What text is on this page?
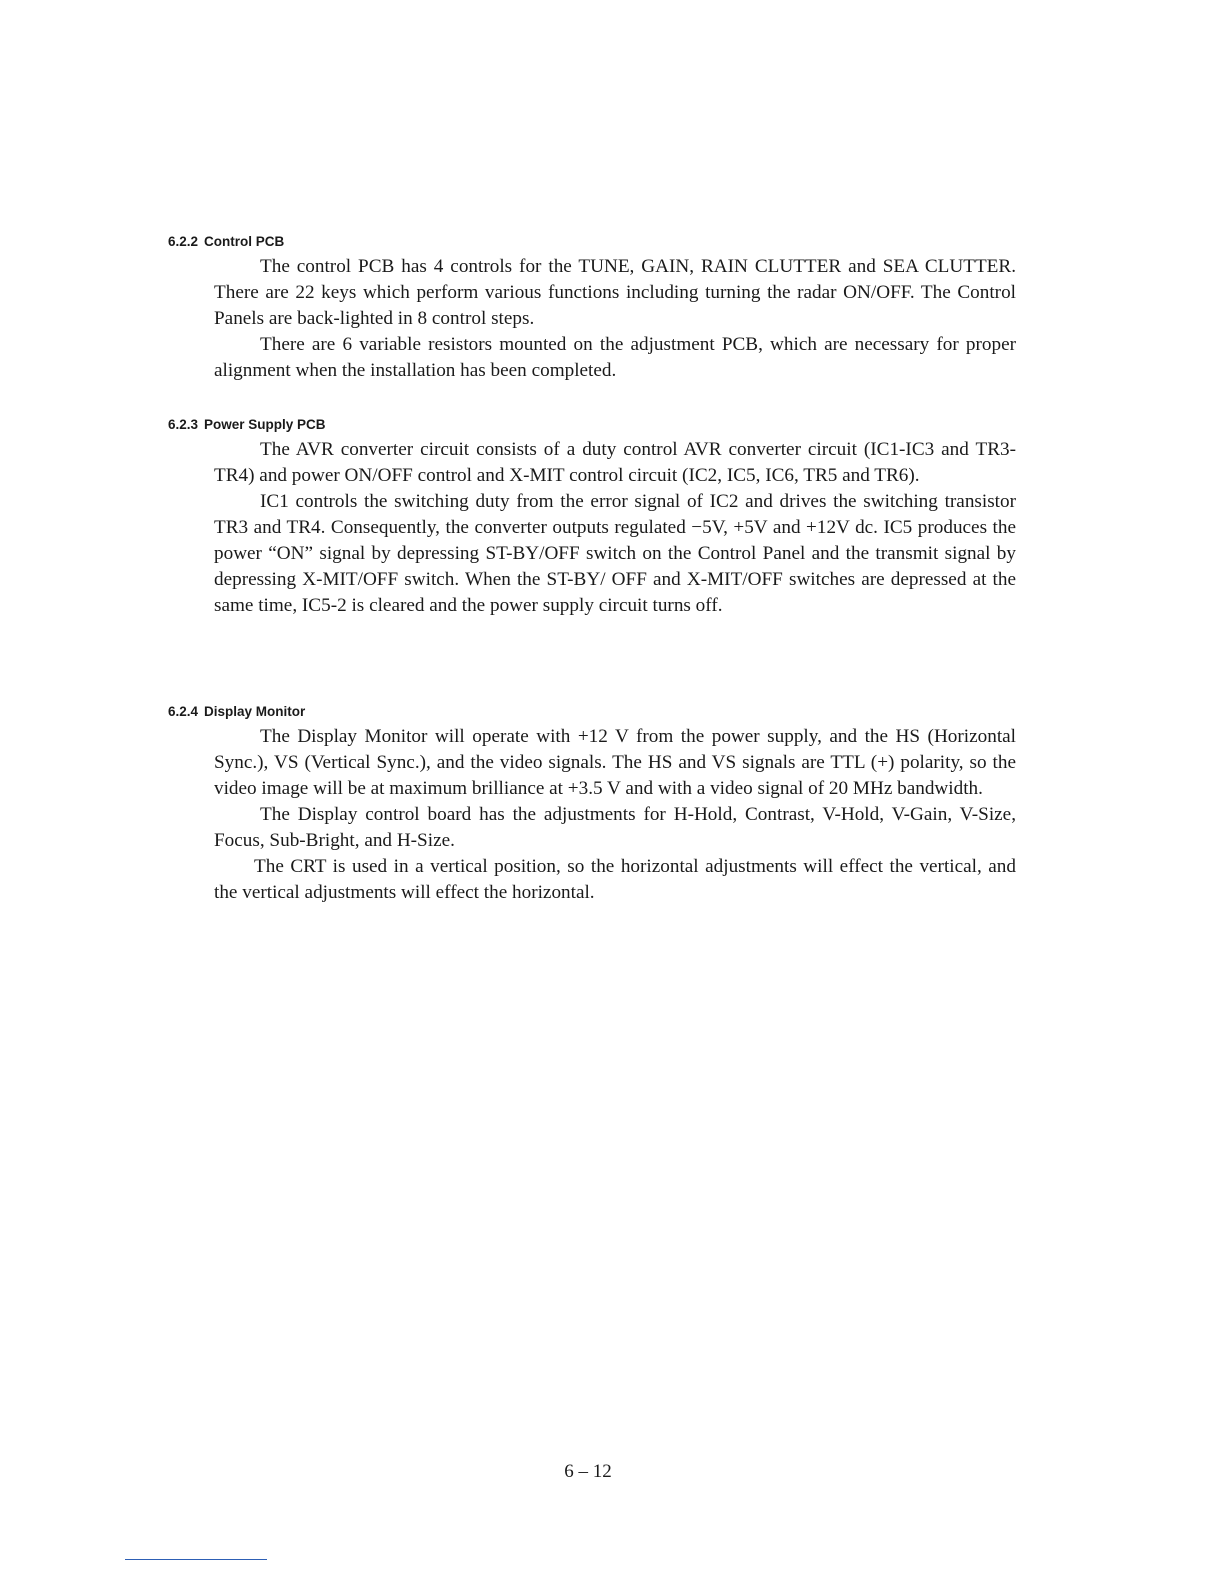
6.2.2 Control PCB

The control PCB has 4 controls for the TUNE, GAIN, RAIN CLUTTER and SEA CLUTTER. There are 22 keys which perform various functions including turning the radar ON/OFF. The Control Panels are back-lighted in 8 control steps.

There are 6 variable resistors mounted on the adjustment PCB, which are necessary for proper alignment when the installation has been completed.

6.2.3 Power Supply PCB

The AVR converter circuit consists of a duty control AVR converter circuit (IC1-IC3 and TR3-TR4) and power ON/OFF control and X-MIT control circuit (IC2, IC5, IC6, TR5 and TR6).

IC1 controls the switching duty from the error signal of IC2 and drives the switching transistor TR3 and TR4. Consequently, the converter outputs regulated −5V, +5V and +12V dc. IC5 produces the power “ON” signal by depressing ST-BY/OFF switch on the Control Panel and the transmit signal by depressing X-MIT/OFF switch. When the ST-BY/ OFF and X-MIT/OFF switches are depressed at the same time, IC5-2 is cleared and the power supply circuit turns off.

6.2.4 Display Monitor

The Display Monitor will operate with +12 V from the power supply, and the HS (Horizontal Sync.), VS (Vertical Sync.), and the video signals. The HS and VS signals are TTL (+) polarity, so the video image will be at maximum brilliance at +3.5 V and with a video signal of 20 MHz bandwidth.

The Display control board has the adjustments for H-Hold, Contrast, V-Hold, V-Gain, V-Size, Focus, Sub-Bright, and H-Size.

The CRT is used in a vertical position, so the horizontal adjustments will effect the vertical, and the vertical adjustments will effect the horizontal.

6 – 12
